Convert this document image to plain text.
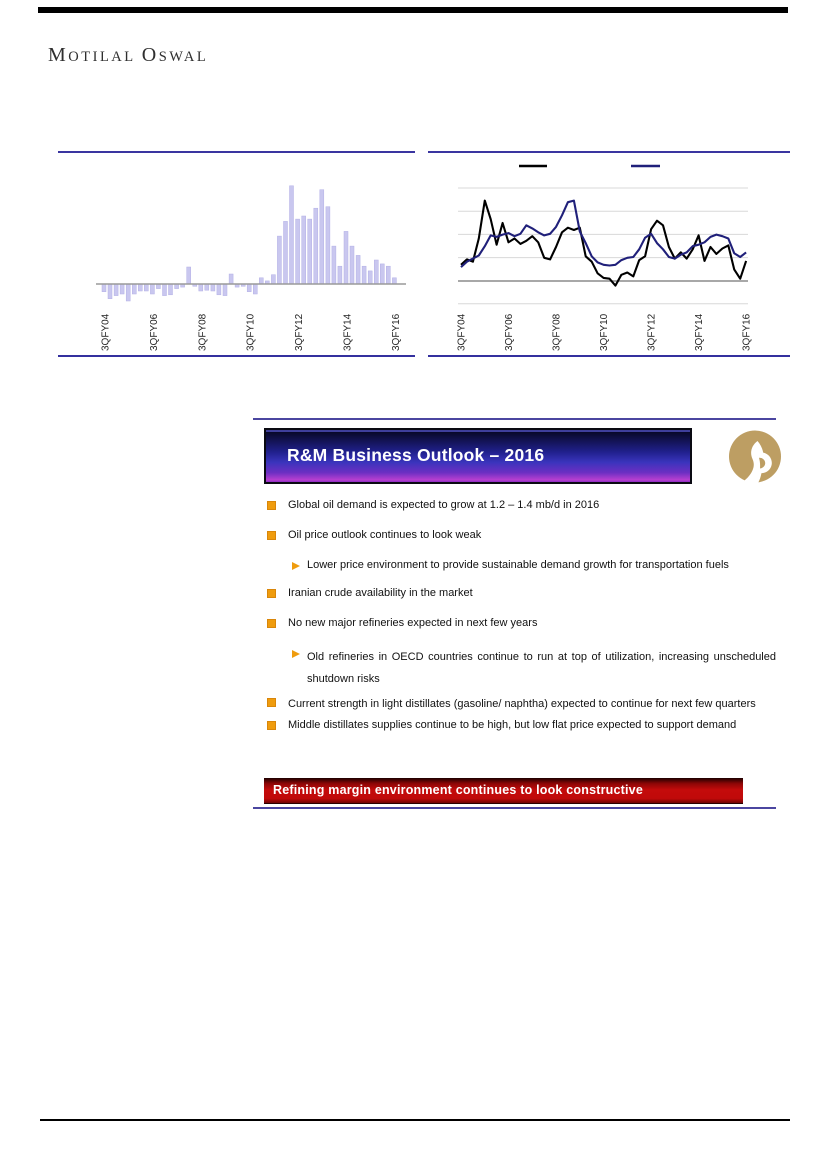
MOTILAL OSWAL
3QFY04	3QFY06	3QFY08	3QFY10	3QFY12	3QFY14	3QFY16	3QFY04	3QFY06	3QFY08	3QFY10	3QFY12	3QFY14	3QFY16
R&M Business Outlook – 2016
Global oil demand is expected to grow at 1.2 – 1.4 mb/d in 2016
Oil price outlook continues to look weak
Lower price environment to provide sustainable demand growth for transportation fuels
Iranian crude availability in the market
No new major refineries expected in next few years
Old refineries in OECD countries continue to run at top of utilization, increasing unscheduled shutdown risks
Current strength in light distillates (gasoline/ naphtha) expected to continue for next few quarters
Middle distillates supplies continue to be high, but low flat price expected to support demand
Refining margin environment continues to look constructive
